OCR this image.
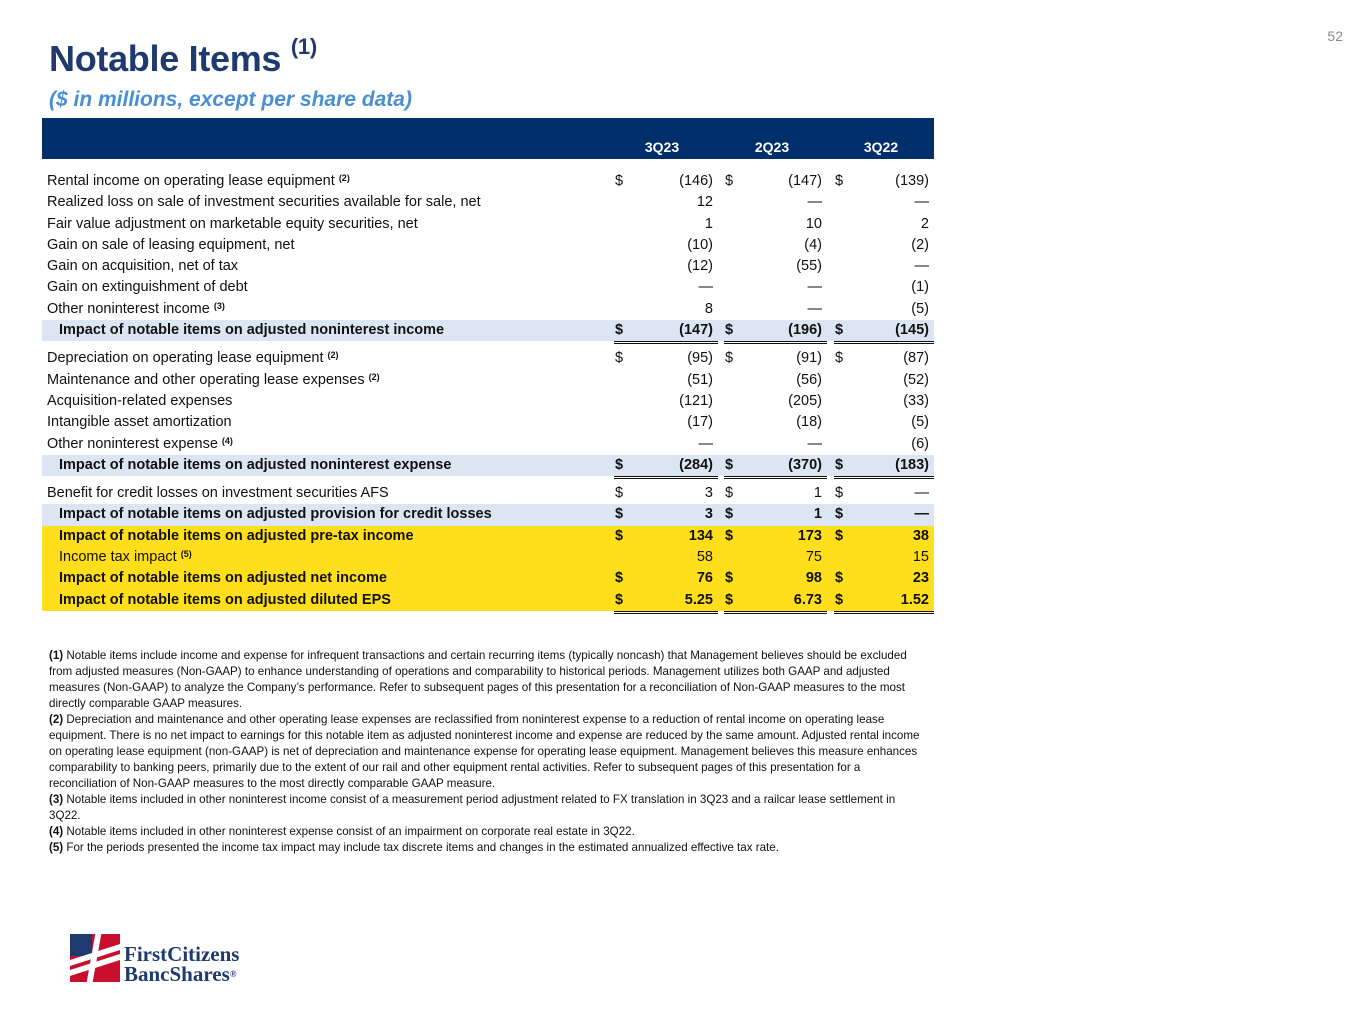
52
Notable Items $^{(1)}$
($ in millions, except per share data)
3Q23	2Q23	3Q22
Rental income on operating lease equipment $^{(2)}$	$	(146) $	(147) $	(139)
Realized loss on sale of investment securities available for sale, net	12	—	—
Fair value adjustment on marketable equity securities, net	1	10	2
Gain on sale of leasing equipment, net	(10)	(4)	(2)
Gain on acquisition, net of tax	(12)	(55)	—
Gain on extinguishment of debt	—	—	(1)
Other noninterest income $^{(3)}$	8	—	(5)
Impact of notable items on adjusted noninterest income	$	(147) $	(196) $	(145)
Depreciation on operating lease equipment $^{(2)}$	$	(95) $	(91) $	(87)
Maintenance and other operating lease expenses $^{(2)}$	(51)	(56)	(52)
Acquisition-related expenses	(121)	(205)	(33)
Intangible asset amortization	(17)	(18)	(5)
Other noninterest expense $^{(4)}$	—	—	(6)
Impact of notable items on adjusted noninterest expense	$	(284) $	(370) $	(183)
Benefit for credit losses on investment securities AFS	$	3 $	1 $	—
Impact of notable items on adjusted provision for credit losses	$	3 $	1 $	—
Impact of notable items on adjusted pre-tax income	$	134 $	173 $	38
Income tax impact $^{(5)}$	58	75	15
Impact of notable items on adjusted net income	$	76 $	98 $	23
Impact of notable items on adjusted diluted EPS	$	5.25 $	6.73 $	1.52

(1) Notable items include income and expense for infrequent transactions and certain recurring items (typically noncash) that Management believes should be excluded from adjusted measures (Non-GAAP) to enhance understanding of operations and comparability to historical periods. Management utilizes both GAAP and adjusted measures (Non-GAAP) to analyze the Company’s performance. Refer to subsequent pages of this presentation for a reconciliation of Non-GAAP measures to the most directly comparable GAAP measures.

(2) Depreciation and maintenance and other operating lease expenses are reclassified from noninterest expense to a reduction of rental income on operating lease equipment. There is no net impact to earnings for this notable item as adjusted noninterest income and expense are reduced by the same amount. Adjusted rental income on operating lease equipment (non-GAAP) is net of depreciation and maintenance expense for operating lease equipment. Management believes this measure enhances comparability to banking peers, primarily due to the extent of our rail and other equipment rental activities. Refer to subsequent pages of this presentation for a reconciliation of Non-GAAP measures to the most directly comparable GAAP measure.

(3) Notable items included in other noninterest income consist of a measurement period adjustment related to FX translation in 3Q23 and a railcar lease settlement in 3Q22.

(4) Notable items included in other noninterest expense consist of an impairment on corporate real estate in 3Q22.

(5) For the periods presented the income tax impact may include tax discrete items and changes in the estimated annualized effective tax rate.

FirstCitizens
BancShares®
